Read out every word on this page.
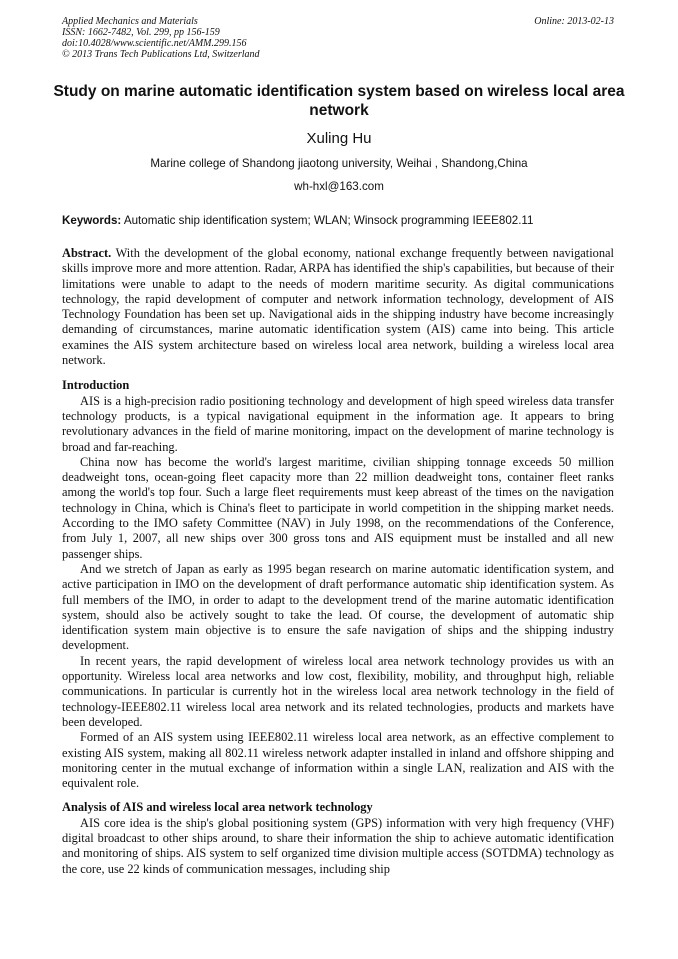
Applied Mechanics and Materials
ISSN: 1662-7482, Vol. 299, pp 156-159
doi:10.4028/www.scientific.net/AMM.299.156
© 2013 Trans Tech Publications Ltd, Switzerland
Online: 2013-02-13
Study on marine automatic identification system based on wireless local area network
Xuling Hu
Marine college of Shandong jiaotong university, Weihai , Shandong,China
wh-hxl@163.com
Keywords: Automatic ship identification system; WLAN; Winsock programming IEEE802.11

Abstract. With the development of the global economy, national exchange frequently between navigational skills improve more and more attention. Radar, ARPA has identified the ship's capabilities, but because of their limitations were unable to adapt to the needs of modern maritime security. As digital communications technology, the rapid development of computer and network information technology, development of AIS Technology Foundation has been set up. Navigational aids in the shipping industry have become increasingly demanding of circumstances, marine automatic identification system (AIS) came into being. This article examines the AIS system architecture based on wireless local area network, building a wireless local area network.

Introduction

AIS is a high-precision radio positioning technology and development of high speed wireless data transfer technology products, is a typical navigational equipment in the information age. It appears to bring revolutionary advances in the field of marine monitoring, impact on the development of marine technology is broad and far-reaching.

China now has become the world's largest maritime, civilian shipping tonnage exceeds 50 million deadweight tons, ocean-going fleet capacity more than 22 million deadweight tons, container fleet ranks among the world's top four. Such a large fleet requirements must keep abreast of the times on the navigation technology in China, which is China's fleet to participate in world competition in the shipping market needs. According to the IMO safety Committee (NAV) in July 1998, on the recommendations of the Conference, from July 1, 2007, all new ships over 300 gross tons and AIS equipment must be installed and all new passenger ships.

And we stretch of Japan as early as 1995 began research on marine automatic identification system, and active participation in IMO on the development of draft performance automatic ship identification system. As full members of the IMO, in order to adapt to the development trend of the marine automatic identification system, should also be actively sought to take the lead. Of course, the development of automatic ship identification system main objective is to ensure the safe navigation of ships and the shipping industry development.

In recent years, the rapid development of wireless local area network technology provides us with an opportunity. Wireless local area networks and low cost, flexibility, mobility, and throughput high, reliable communications. In particular is currently hot in the wireless local area network technology in the field of technology-IEEE802.11 wireless local area network and its related technologies, products and markets have been developed.

Formed of an AIS system using IEEE802.11 wireless local area network, as an effective complement to existing AIS system, making all 802.11 wireless network adapter installed in inland and offshore shipping and monitoring center in the mutual exchange of information within a single LAN, realization and AIS with the equivalent role.

Analysis of AIS and wireless local area network technology

AIS core idea is the ship's global positioning system (GPS) information with very high frequency (VHF) digital broadcast to other ships around, to share their information the ship to achieve automatic identification and monitoring of ships. AIS system to self organized time division multiple access (SOTDMA) technology as the core, use 22 kinds of communication messages, including ship
